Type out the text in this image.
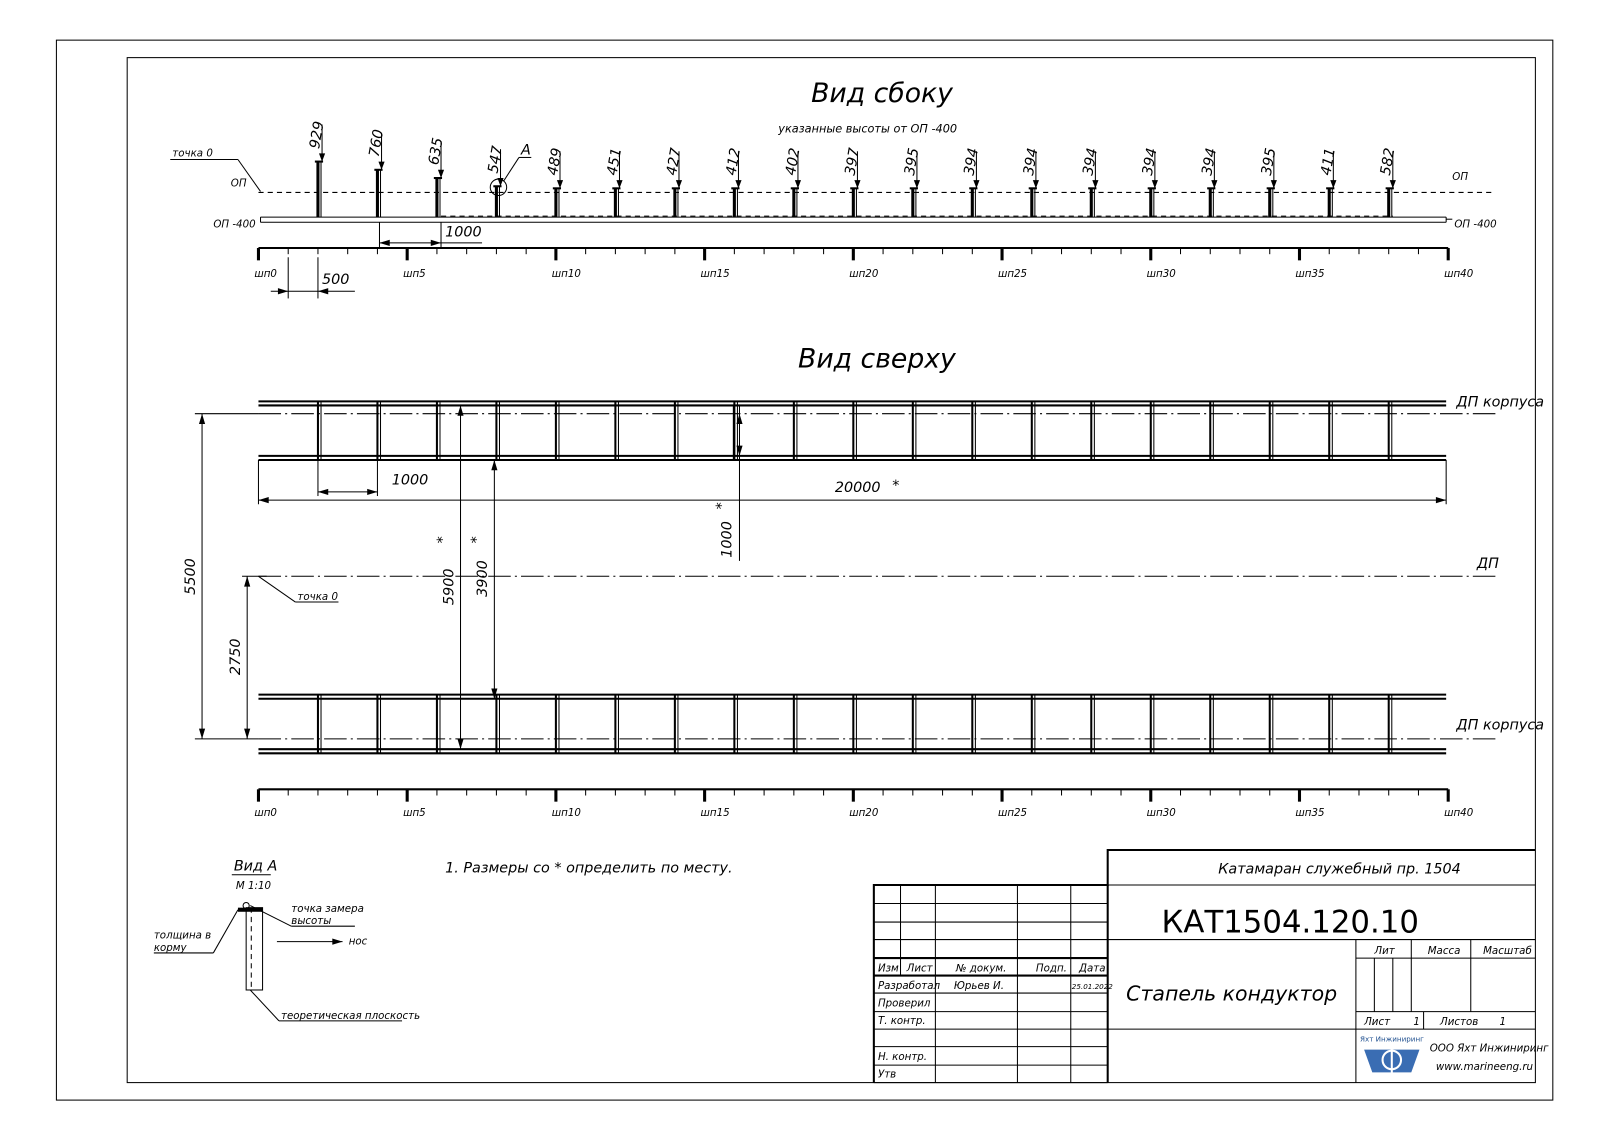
Вид сбоку
указанные высоты от ОП -400
ОП
ОП
точка 0
ОП -400	ОП -400
929	760	635	547	489	451	427	412	402	397	395	394	394	394	394	394	395	411	582
А
1000
шп0	шп5	шп10	шп15	шп20	шп25	шп30	шп35	шп40
500
Вид сверху
ДП корпуса
ДП корпуса
ДП
1000	20000 *
1000
*
5500
2750
точка 0	5900
*
3900
*
шп0	шп5	шп10	шп15	шп20	шп25	шп30	шп35	шп40
Вид А
М 1:10
точка замера
высоты
толщина в
корму
нос
теоретическая плоскость
1. Размеры со * определить по месту.
Изм Лист № докум.	Подп. Дата
Разработал Юрьев И.	25.01.2022
Проверил
Т. контр.
Н. контр.
Утв
Катамаран служебный пр. 1504
КАТ1504.120.10
Стапель кондуктор
Лит	Масса Масштаб
Лист 1 Листов 1
Яхт Инжиниринг
ООО Яхт Инжиниринг
www.marineeng.ru
